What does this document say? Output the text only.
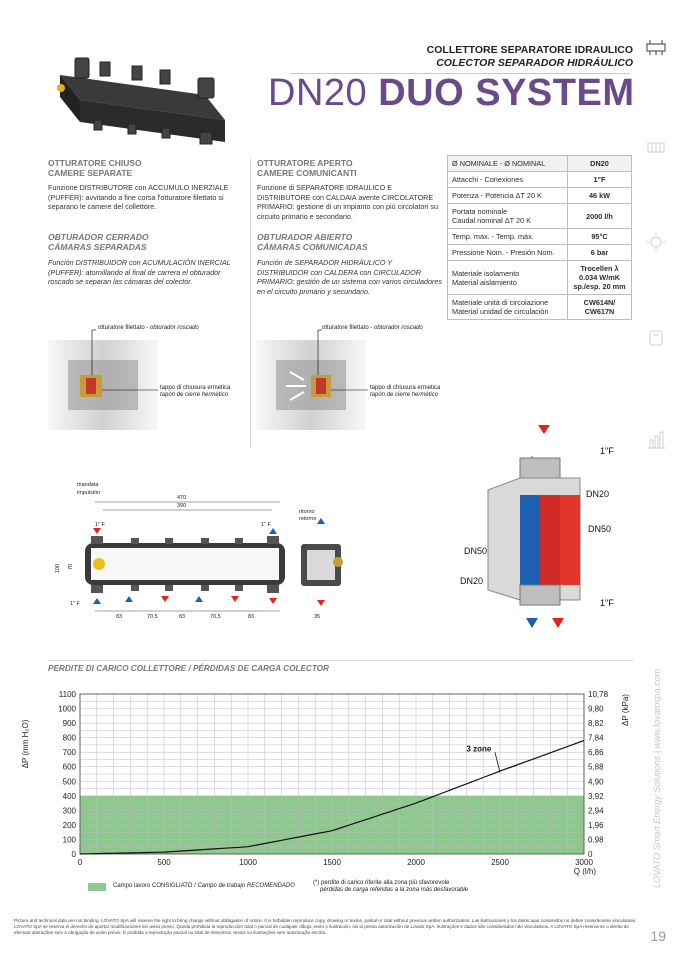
COLLETTORE SEPARATORE IDRAULICO
COLECTOR SEPARADOR HIDRÁULICO
DN20 DUO SYSTEM
OTTURATORE CHIUSO
CAMERE SEPARATE
Funzione DISTRIBUTORE con ACCUMULO INERZIALE (PUFFER): avvitando a fine corsa l'otturatore filettato si separano le camere del collettore.
OBTURADOR CERRADO
CÁMARAS SEPARADAS
Función DISTRIBUIDOR con ACUMULACIÓN INERCIAL (PUFFER): atornillando al final de carrera el obturador roscado se separan las cámaras del colector.
OTTURATORE APERTO
CAMERE COMUNICANTI
Funzione di SEPARATORE IDRAULICO E DISTRIBUTORE con CALDAIA avente CIRCOLATORE PRIMARIO: gestione di un impianto con più circolatori su circuito primario e secondario.
OBTURADOR ABIERTO
CÁMARAS COMUNICADAS
Función de SEPARADOR HIDRÁULICO Y DISTRIBUIDOR con CALDERA con CIRCULADOR PRIMARIO: gestión de un sistema con varios circuladores en el circuito primario y secundario.
otturatore filettato - obturador roscado
tappo di chiusura ermetica
tapón de cierre hermético
otturatore filettato - obturador roscado
tappo di chiusura ermetica
tapón de cierre hermético
Ø NOMINALE - Ø NOMINAL	DN20
Attacchi - Conexiones	1"F
Potenza - Potencia ΔT 20 K	46 kW
Portata nominale
Caudal nominal ΔT 20 K	2000 l/h
Temp. max. - Temp. máx.	95°C
Pressione Nom. - Presión Nom.	6 bar
Materiale isolamento
Material aislamiento	Trocellen λ
0.034 W/mK
sp./esp. 20 mm
Materiale unità di circolazione
Material unidad de circulación	CW614N/
CW617N
mandata
impulsión
ritorno
retorno
470
390
1" F	1" F
1" F
100 70
83	70,5	83	70,5	83	35
1"F
DN20
DN50
DN50
DN20
1"F
PERDITE DI CARICO COLLETTORE / PÉRDIDAS DE CARGA COLECTOR
0
100
200
300
400
500
600
700
800
900
1000
1100
0
0,98
1,96
2,94
3,92
4,90
5,88
6,86
7,84
8,82
9,80
10,78
0	500	1000	1500	2000	2500	3000
ΔP (mm H₂O)
ΔP (kPa)
Q (l/h)
3 zone
Campo lavoro CONSIGLIATO / Campo de trabajo RECOMENDADO	(*) perdite di carico riferite alla zona più sfavorevole
pérdidas de carga referidas a la zona más desfavorable
LOVATO Smart Energy Solutions | www.lovatospa.com
19
Picture and technical data are not binding. LOVATO SpA will reserve the right to bring change without obbligation of notice. It is forbidden reproduce copy, drowing or textes, partial or total without previous written authorization. Las ilustraciones y los datos aquí contenidos no deben considerarse vinculantes. LOVATO SpA se reserva el derecho de aportar modificaciones sin aviso previo. Queda prohibida la reproducción total o parcial de cualquier dibujo, texto o ilustración, sin la previa autorización de Lovato SpA. Ilustrações e dados são considerados não vinculativos. A LOVATO SpA reserva-se o direito de efectuar alterações sem a obrigação de aviso prévio. É proibida a reprodução parcial ou total de desenhos, textos ou ilustrações sem autorização escrita.
